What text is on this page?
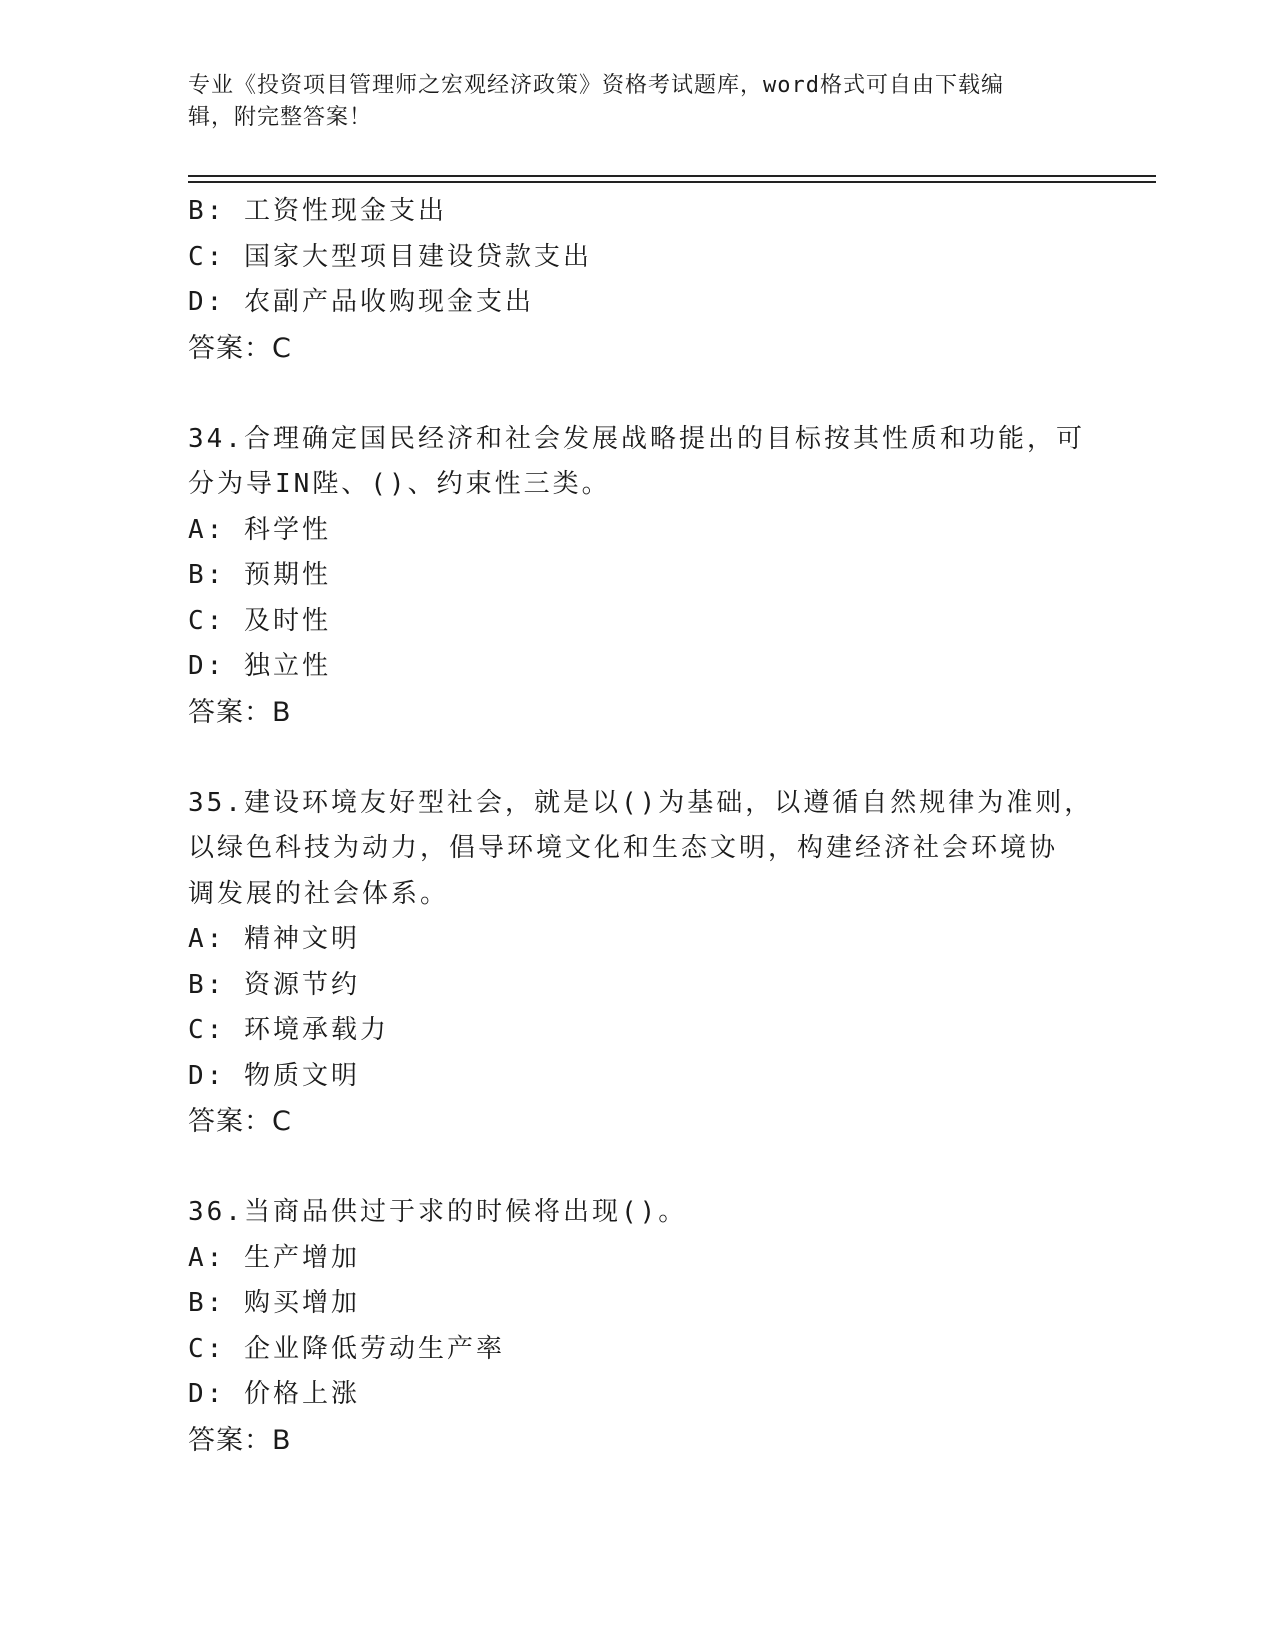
专业《投资项目管理师之宏观经济政策》资格考试题库，word格式可自由下载编
辑，附完整答案！
B: 工资性现金支出
C: 国家大型项目建设贷款支出
D: 农副产品收购现金支出
答案：C
34.合理确定国民经济和社会发展战略提出的目标按其性质和功能，可
分为导IN陛、()、约束性三类。
A: 科学性
B: 预期性
C: 及时性
D: 独立性
答案：B
35.建设环境友好型社会，就是以()为基础，以遵循自然规律为准则，
以绿色科技为动力，倡导环境文化和生态文明，构建经济社会环境协
调发展的社会体系。
A: 精神文明
B: 资源节约
C: 环境承载力
D: 物质文明
答案：C
36.当商品供过于求的时候将出现()。
A: 生产增加
B: 购买增加
C: 企业降低劳动生产率
D: 价格上涨
答案：B
